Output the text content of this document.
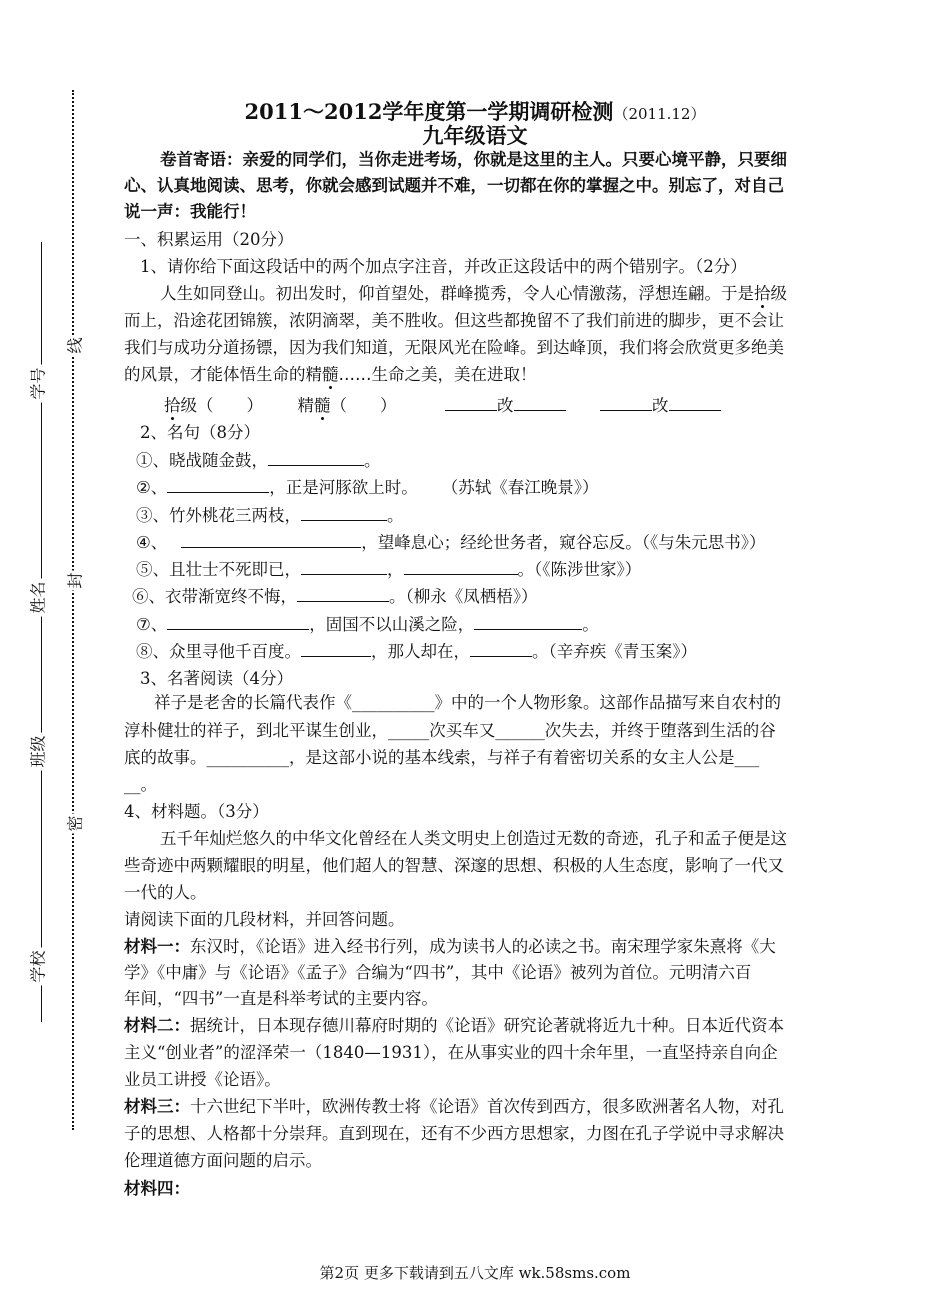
学号
姓名
班级
学校
线
封
密
2011～2012学年度第一学期调研检测（2011.12）
九年级语文
卷首寄语：亲爱的同学们，当你走进考场，你就是这里的主人。只要心境平静，只要细
心、认真地阅读、思考，你就会感到试题并不难，一切都在你的掌握之中。别忘了，对自己
说一声：我能行！
一、积累运用（20分）
1、请你给下面这段话中的两个加点字注音，并改正这段话中的两个错别字。（2分）
人生如同登山。初出发时，仰首望处，群峰揽秀，令人心情激荡，浮想连翩。于是拾级
而上，沿途花团锦簇，浓阴滴翠，美不胜收。但这些都挽留不了我们前进的脚步，更不会让
我们与成功分道扬镖，因为我们知道，无限风光在险峰。到达峰顶，我们将会欣赏更多绝美
的风景，才能体悟生命的精髓……生命之美，美在进取！
拾级（　　） 精髓（　　）	改	改
2、名句（8分）
①、晓战随金鼓，	。
②、	，正是河豚欲上时。 （苏轼《春江晚景》）
③、竹外桃花三两枝，	。
④、	，望峰息心；经纶世务者，窥谷忘反。（《与朱元思书》）
⑤、且壮士不死即已，	，	。（《陈涉世家》）
⑥、衣带渐宽终不悔，	。（柳永《凤栖梧》）
⑦、	，固国不以山溪之险，	。
⑧、众里寻他千百度。	，那人却在，	。（辛弃疾《青玉案》）
3、名著阅读（4分）
祥子是老舍的长篇代表作《__________》中的一个人物形象。这部作品描写来自农村的
淳朴健壮的祥子，到北平谋生创业，_____次买车又______次失去，并终于堕落到生活的谷
底的故事。__________，是这部小说的基本线索，与祥子有着密切关系的女主人公是___
__。
4、材料题。（3分）
五千年灿烂悠久的中华文化曾经在人类文明史上创造过无数的奇迹，孔子和孟子便是这
些奇迹中两颗耀眼的明星，他们超人的智慧、深邃的思想、积极的人生态度，影响了一代又
一代的人。
请阅读下面的几段材料，并回答问题。
材料一：东汉时，《论语》进入经书行列，成为读书人的必读之书。南宋理学家朱熹将《大
学》《中庸》与《论语》《孟子》合编为“四书”，其中《论语》被列为首位。元明清六百
年间，“四书”一直是科举考试的主要内容。
材料二：据统计，日本现存德川幕府时期的《论语》研究论著就将近九十种。日本近代资本
主义“创业者”的涩泽荣一（1840—1931），在从事实业的四十余年里，一直坚持亲自向企
业员工讲授《论语》。
材料三：十六世纪下半叶，欧洲传教士将《论语》首次传到西方，很多欧洲著名人物，对孔
子的思想、人格都十分崇拜。直到现在，还有不少西方思想家，力图在孔子学说中寻求解决
伦理道德方面问题的启示。
材料四：
第2页 更多下载请到五八文库 wk.58sms.com
